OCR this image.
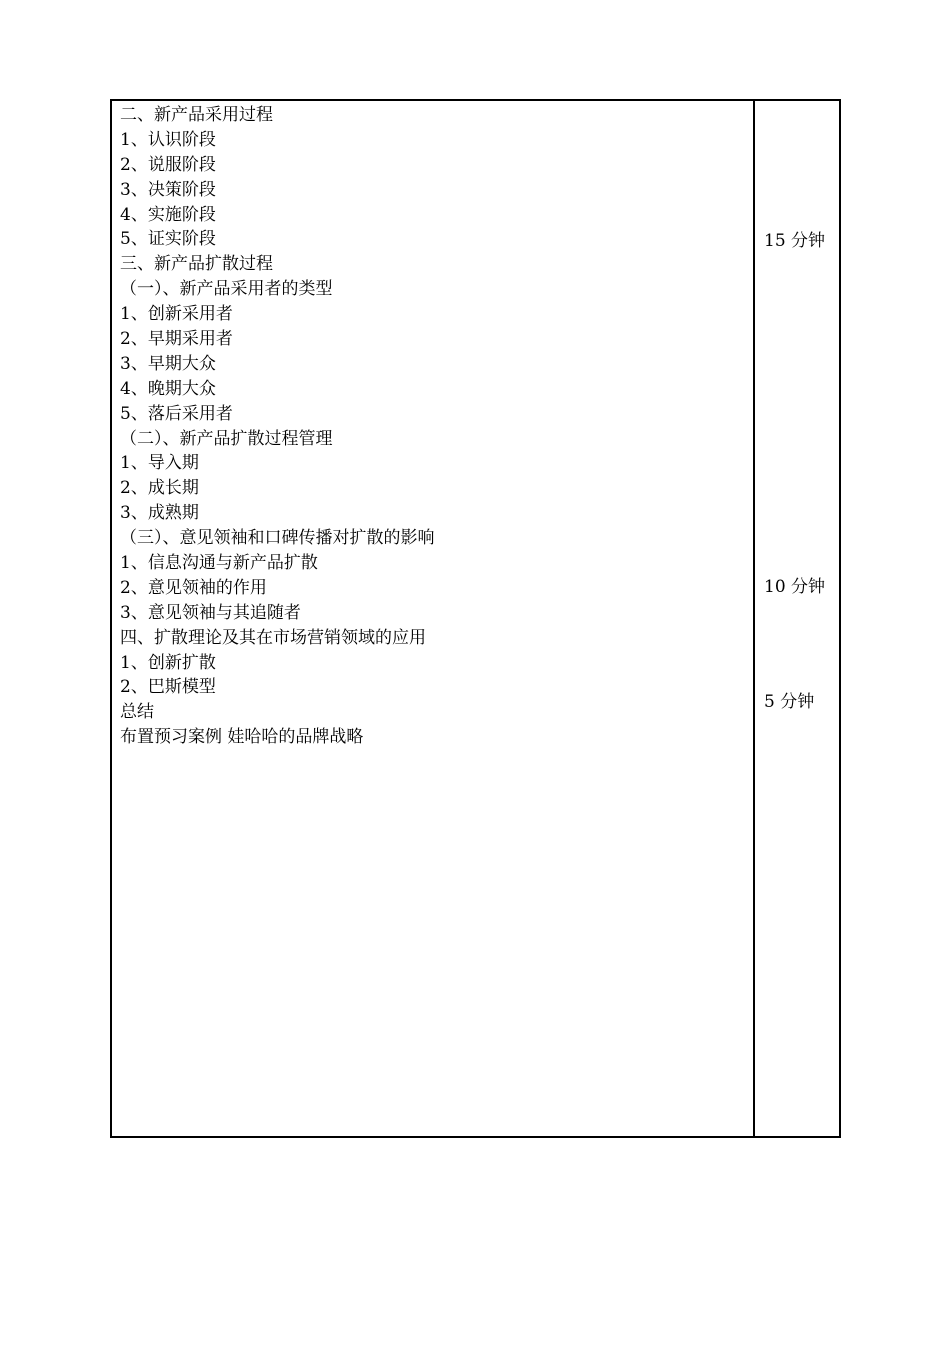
二、新产品采用过程
1、认识阶段
2、说服阶段
3、决策阶段
4、实施阶段
5、证实阶段
三、新产品扩散过程
（一）、新产品采用者的类型
1、创新采用者
2、早期采用者
3、早期大众
4、晚期大众
5、落后采用者
（二）、新产品扩散过程管理
1、导入期
2、成长期
3、成熟期
（三）、意见领袖和口碑传播对扩散的影响
1、信息沟通与新产品扩散
2、意见领袖的作用
3、意见领袖与其追随者
四、扩散理论及其在市场营销领域的应用
1、创新扩散
2、巴斯模型
总结
布置预习案例 娃哈哈的品牌战略
15 分钟
10 分钟
5 分钟
